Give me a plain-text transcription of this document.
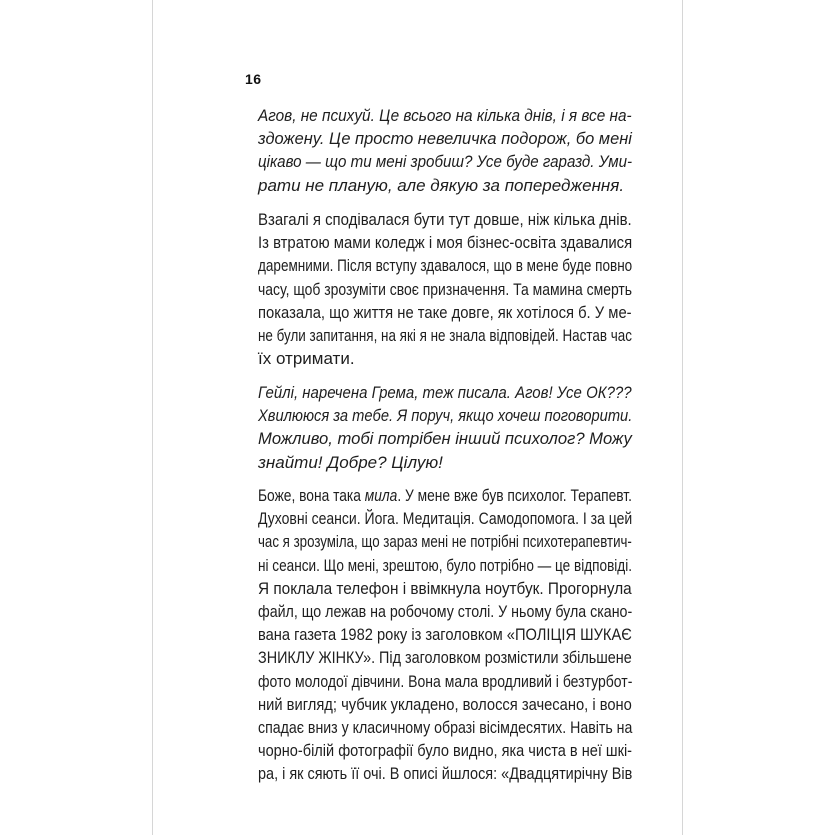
16
Агов, не психуй. Це всього на кілька днів, і я все на-
здожену. Це просто невеличка подорож, бо мені
цікаво — що ти мені зробиш? Усе буде гаразд. Уми-
рати не планую, але дякую за попередження.
Взагалі я сподівалася бути тут довше, ніж кілька днів.
Із втратою мами коледж і моя бізнес-освіта здавалися
даремними. Після вступу здавалося, що в мене буде повно
часу, щоб зрозуміти своє призначення. Та мамина смерть
показала, що життя не таке довге, як хотілося б. У ме-
не були запитання, на які я не знала відповідей. Настав час
їх отримати.
Гейлі, наречена Грема, теж писала. Агов! Усе ОК???
Хвилююся за тебе. Я поруч, якщо хочеш поговорити.
Можливо, тобі потрібен інший психолог? Можу
знайти! Добре? Цілую!
Боже, вона така мила. У мене вже був психолог. Терапевт.
Духовні сеанси. Йога. Медитація. Самодопомога. І за цей
час я зрозуміла, що зараз мені не потрібні психотерапевтич-
ні сеанси. Що мені, зрештою, було потрібно — це відповіді.
Я поклала телефон і ввімкнула ноутбук. Прогорнула
файл, що лежав на робочому столі. У ньому була скано-
вана газета 1982 року із заголовком «ПОЛІЦІЯ ШУКАЄ
ЗНИКЛУ ЖІНКУ». Під заголовком розмістили збільшене
фото молодої дівчини. Вона мала вродливий і безтурбот-
ний вигляд; чубчик укладено, волосся зачесано, і воно
спадає вниз у класичному образі вісімдесятих. Навіть на
чорно-білій фотографії було видно, яка чиста в неї шкі-
ра, і як сяють її очі. В описі йшлося: «Двадцятирічну Вів
